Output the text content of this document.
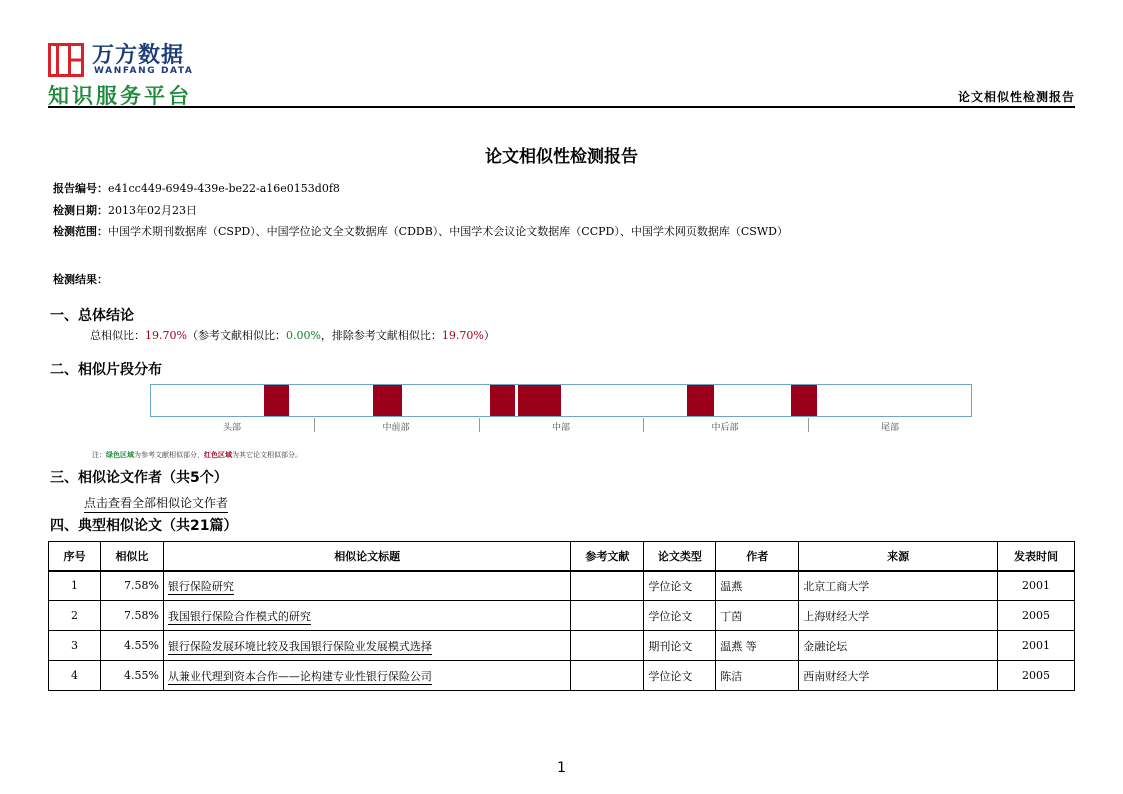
万方数据
WANFANG DATA
知识服务平台	论文相似性检测报告
论文相似性检测报告
报告编号：e41cc449-6949-439e-be22-a16e0153d0f8
检测日期：2013年02月23日
检测范围：中国学术期刊数据库（CSPD）、中国学位论文全文数据库（CDDB）、中国学术会议论文数据库（CCPD）、中国学术网页数据库（CSWD）
检测结果：
一、总体结论
总相似比：19.70%（参考文献相似比：0.00%，排除参考文献相似比：19.70%）
二、相似片段分布
头部	中前部	中部	中后部	尾部
注：绿色区域为参考文献相似部分，红色区域为其它论文相似部分。
三、相似论文作者（共5个）
点击查看全部相似论文作者
四、典型相似论文（共21篇）
序号	相似比	相似论文标题	参考文献	论文类型	作者	来源	发表时间
1	7.58%	银行保险研究		学位论文	温燕	北京工商大学	2001
2	7.58%	我国银行保险合作模式的研究		学位论文	丁茵	上海财经大学	2005
3	4.55%	银行保险发展环境比较及我国银行保险业发展模式选择		期刊论文	温燕 等	金融论坛	2001
4	4.55%	从兼业代理到资本合作——论构建专业性银行保险公司		学位论文	陈洁	西南财经大学	2005
1
